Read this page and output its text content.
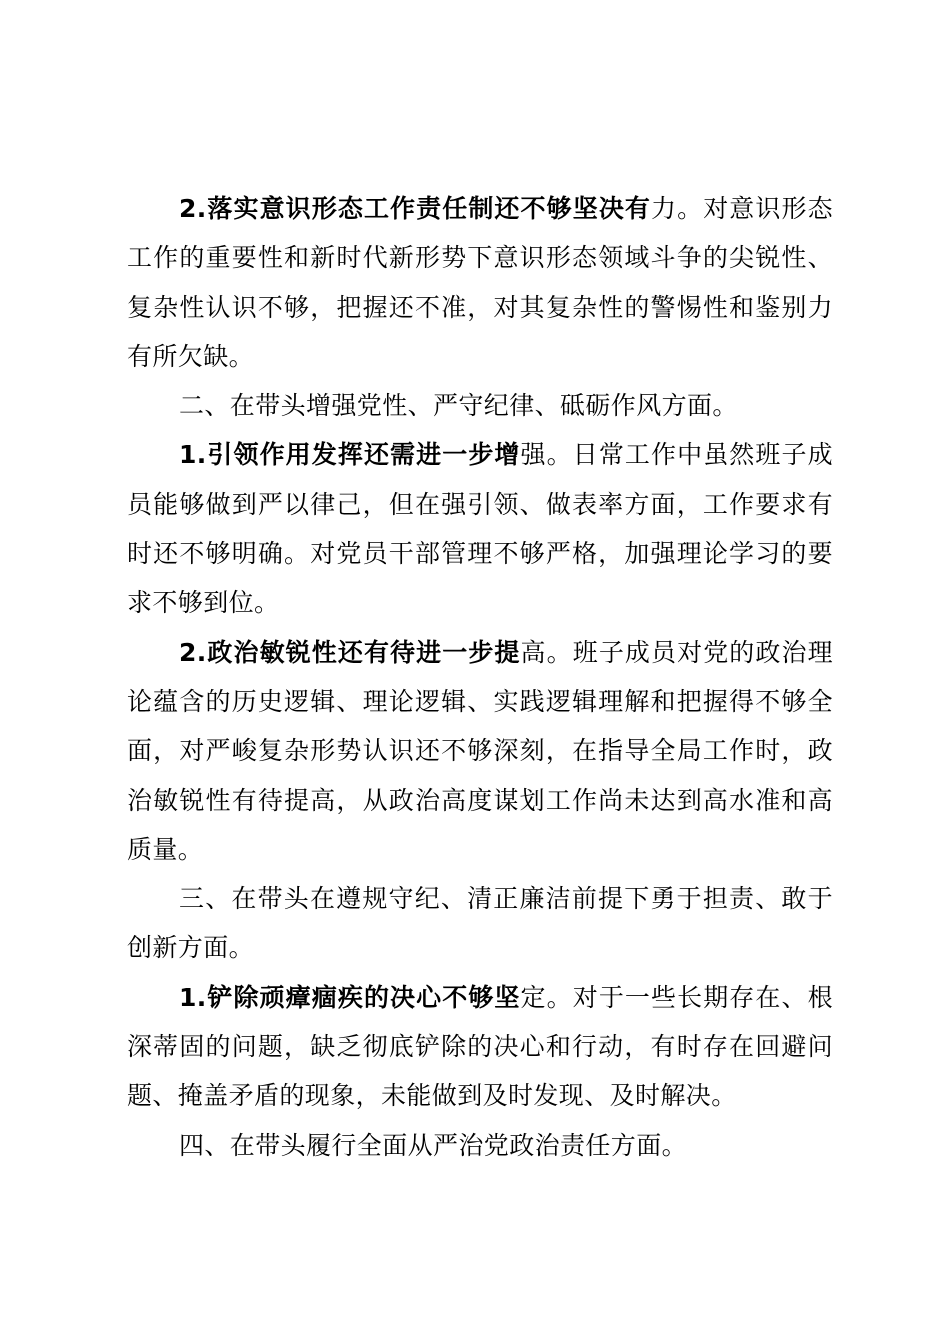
2.落实意识形态工作责任制还不够坚决有力。对意识形态工作的重要性和新时代新形势下意识形态领域斗争的尖锐性、复杂性认识不够，把握还不准，对其复杂性的警惕性和鉴别力有所欠缺。

二、在带头增强党性、严守纪律、砥砺作风方面。

1.引领作用发挥还需进一步增强。日常工作中虽然班子成员能够做到严以律己，但在强引领、做表率方面，工作要求有时还不够明确。对党员干部管理不够严格，加强理论学习的要求不够到位。

2.政治敏锐性还有待进一步提高。班子成员对党的政治理论蕴含的历史逻辑、理论逻辑、实践逻辑理解和把握得不够全面，对严峻复杂形势认识还不够深刻，在指导全局工作时，政治敏锐性有待提高，从政治高度谋划工作尚未达到高水准和高质量。

三、在带头在遵规守纪、清正廉洁前提下勇于担责、敢于创新方面。

1.铲除顽瘴痼疾的决心不够坚定。对于一些长期存在、根深蒂固的问题，缺乏彻底铲除的决心和行动，有时存在回避问题、掩盖矛盾的现象，未能做到及时发现、及时解决。

四、在带头履行全面从严治党政治责任方面。
